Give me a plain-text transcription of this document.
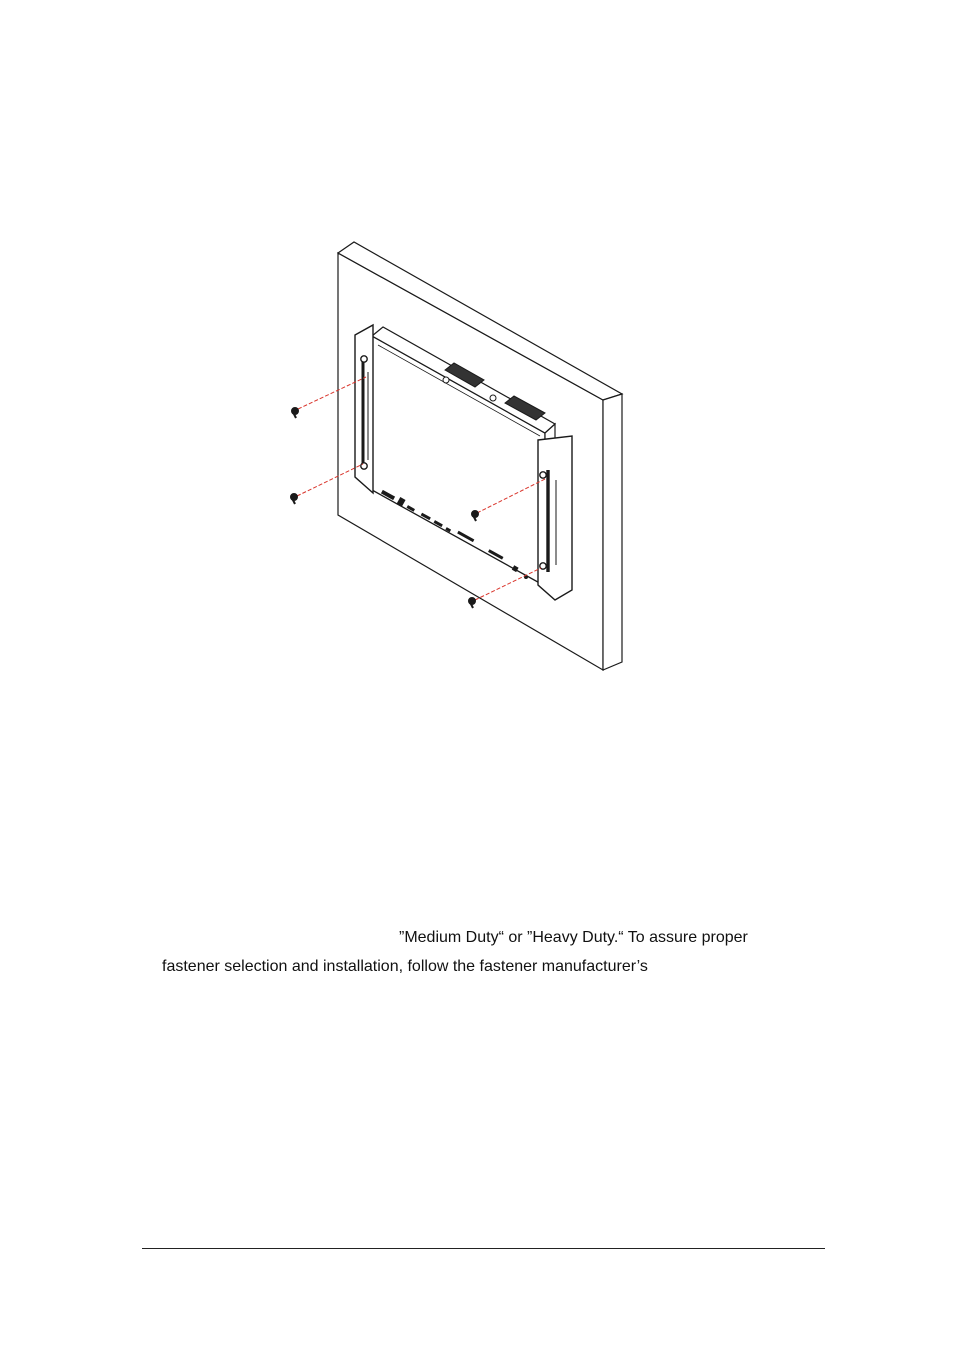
”Medium Duty“ or ”Heavy Duty.“ To assure proper
fastener selection and installation, follow the fastener manufacturer’s
